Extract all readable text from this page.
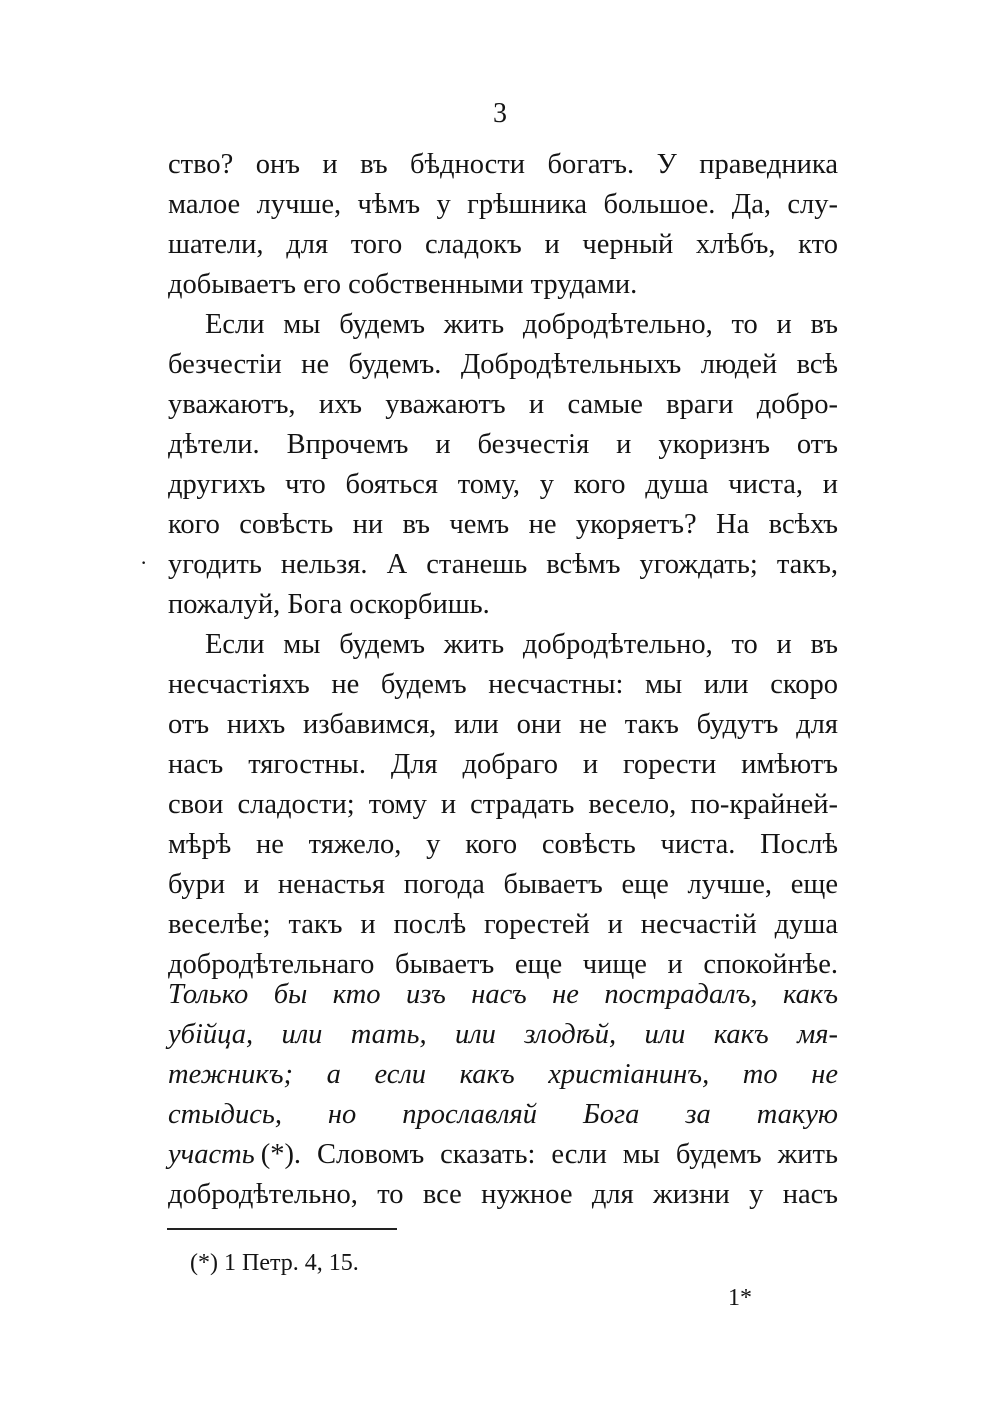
3
·
ство? онъ и въ бѣдности богатъ. У праведника
малое лучше, чѣмъ у грѣшника большое. Да, слу-
шатели, для того сладокъ и черный хлѣбъ, кто
добываетъ его собственными трудами.
Если мы будемъ жить добродѣтельно, то и въ
безчестіи не будемъ. Добродѣтельныхъ людей всѣ
уважаютъ, ихъ уважаютъ и самые враги добро-
дѣтели. Впрочемъ и безчестія и укоризнъ отъ
другихъ что бояться тому, у кого душа чиста, и
кого совѣсть ни въ чемъ не укоряетъ? На всѣхъ
угодить нельзя. А станешь всѣмъ угождать; такъ,
пожалуй, Бога оскорбишь.
Если мы будемъ жить добродѣтельно, то и въ
несчастіяхъ не будемъ несчастны: мы или скоро
отъ нихъ избавимся, или они не такъ будутъ для
насъ тягостны. Для добраго и горести имѣютъ
свои сладости; тому и страдать весело, по-крайней-
мѣрѣ не тяжело, у кого совѣсть чиста. Послѣ
бури и ненастья погода бываетъ еще лучше, еще
веселѣе; такъ и послѣ горестей и несчастій душа
добродѣтельнаго бываетъ еще чище и спокойнѣе.
Только бы кто изъ насъ не пострадалъ, какъ
убійца, или тать, или злодѣй, или какъ мя-
тежникъ; а если какъ христіанинъ, то не
стыдись, но прославляй Бога за такую
участь (*). Словомъ сказать: если мы будемъ жить
добродѣтельно, то все нужное для жизни у насъ
(*) 1 Петр. 4, 15.
1*
